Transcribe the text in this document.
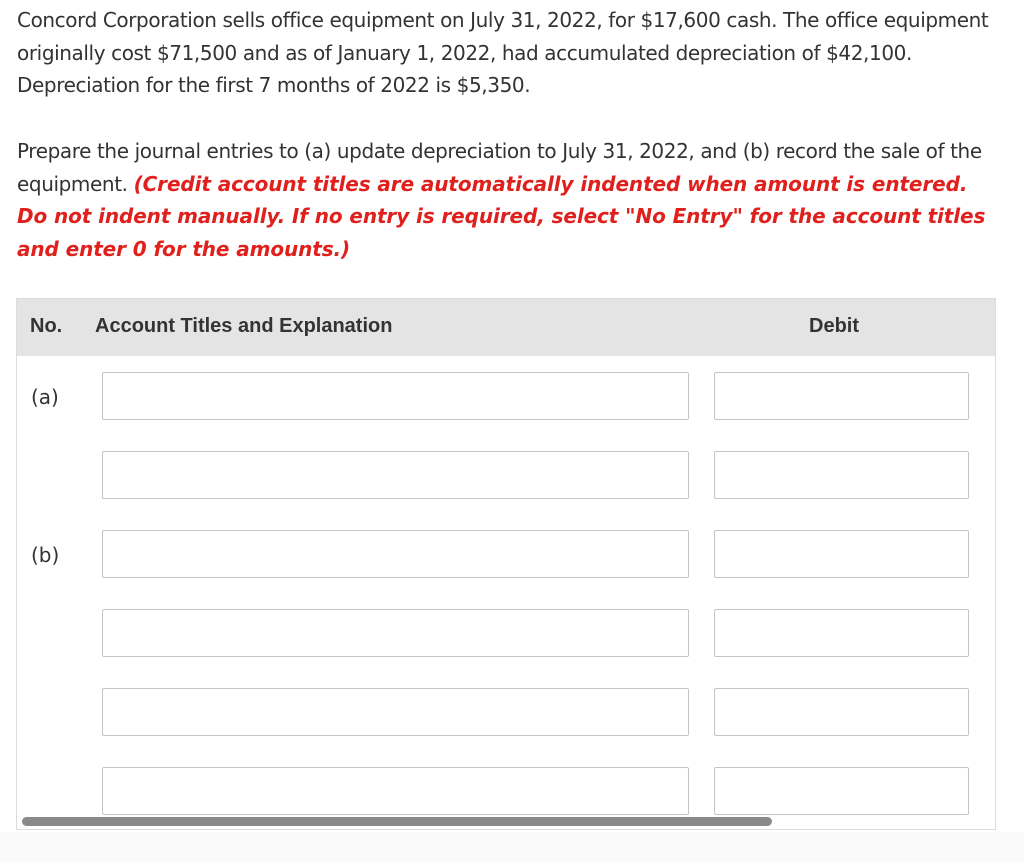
Concord Corporation sells office equipment on July 31, 2022, for $17,600 cash. The office equipment originally cost $71,500 and as of January 1, 2022, had accumulated depreciation of $42,100. Depreciation for the first 7 months of 2022 is $5,350.

Prepare the journal entries to (a) update depreciation to July 31, 2022, and (b) record the sale of the equipment. (Credit account titles are automatically indented when amount is entered. Do not indent manually. If no entry is required, select "No Entry" for the account titles and enter 0 for the amounts.)

No. Account Titles and Explanation	Debit
(a)
(b)
